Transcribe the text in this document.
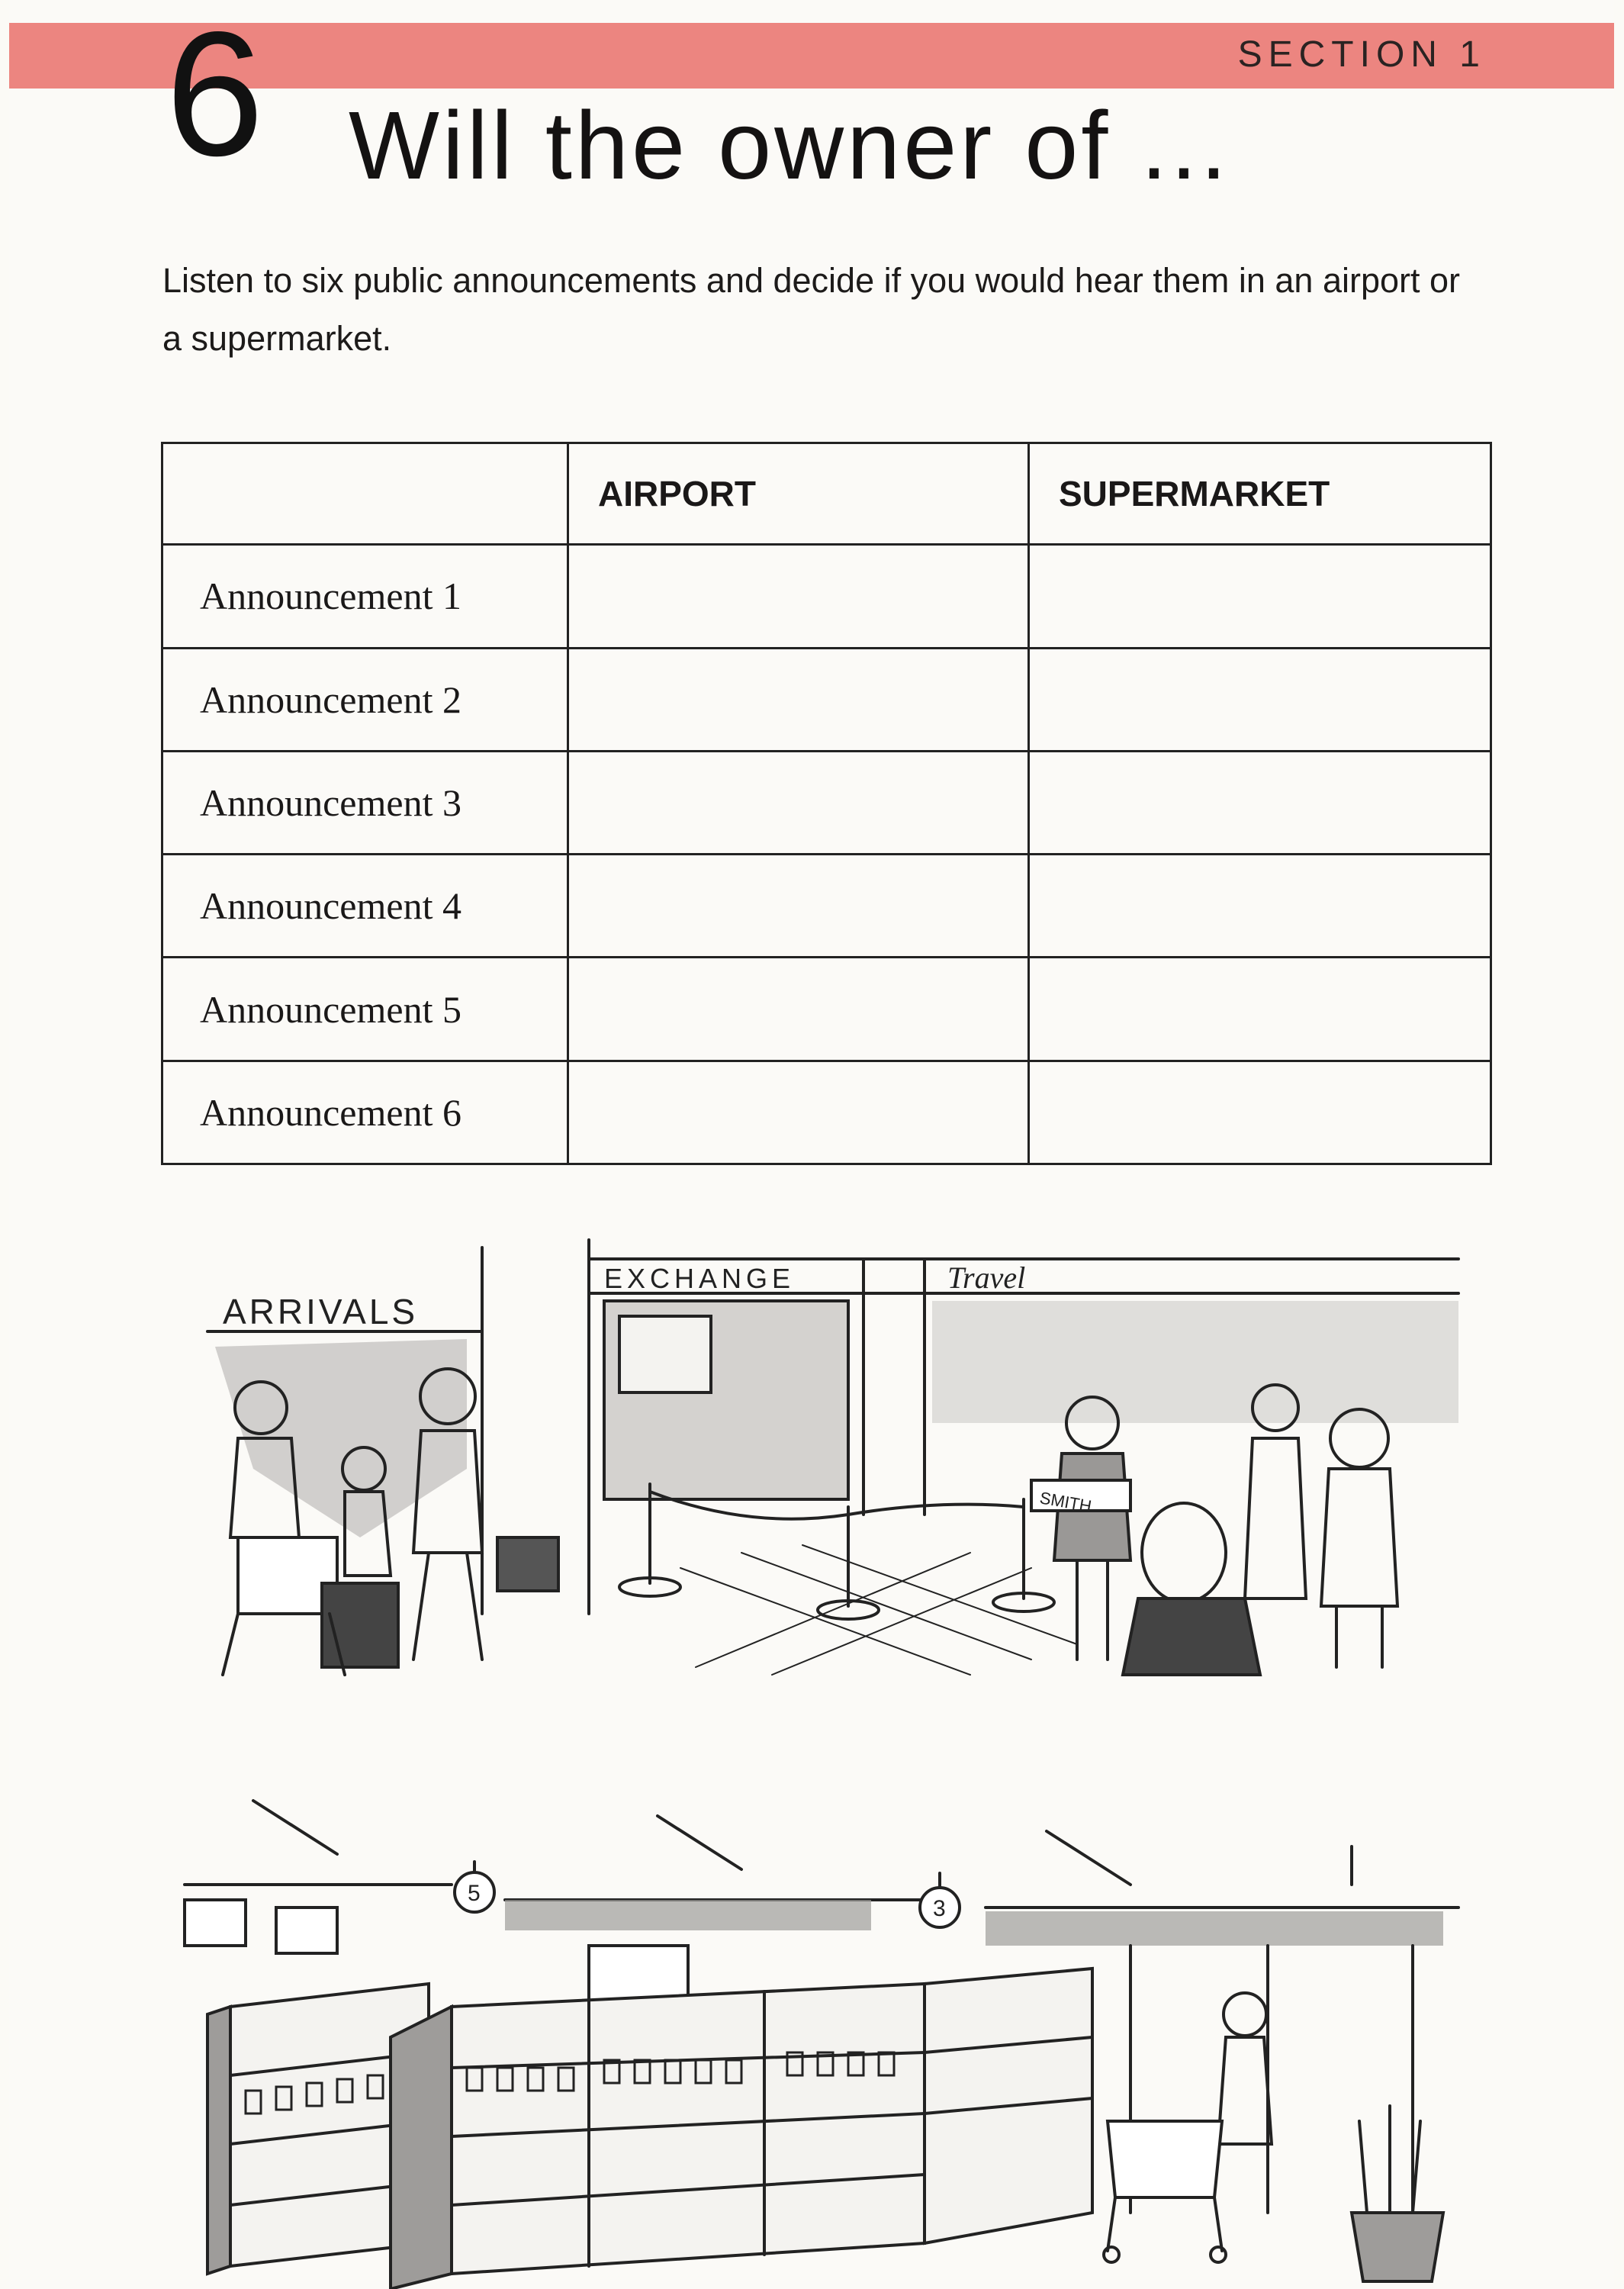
SECTION 1
6 Will the owner of ...
Listen to six public announcements and decide if you would hear them in an airport or a supermarket.
	AIRPORT	SUPERMARKET
Announcement 1		
Announcement 2		
Announcement 3		
Announcement 4		
Announcement 5		
Announcement 6		
ARRIVALS
EXCHANGE	Travel
SMITH
5
3
